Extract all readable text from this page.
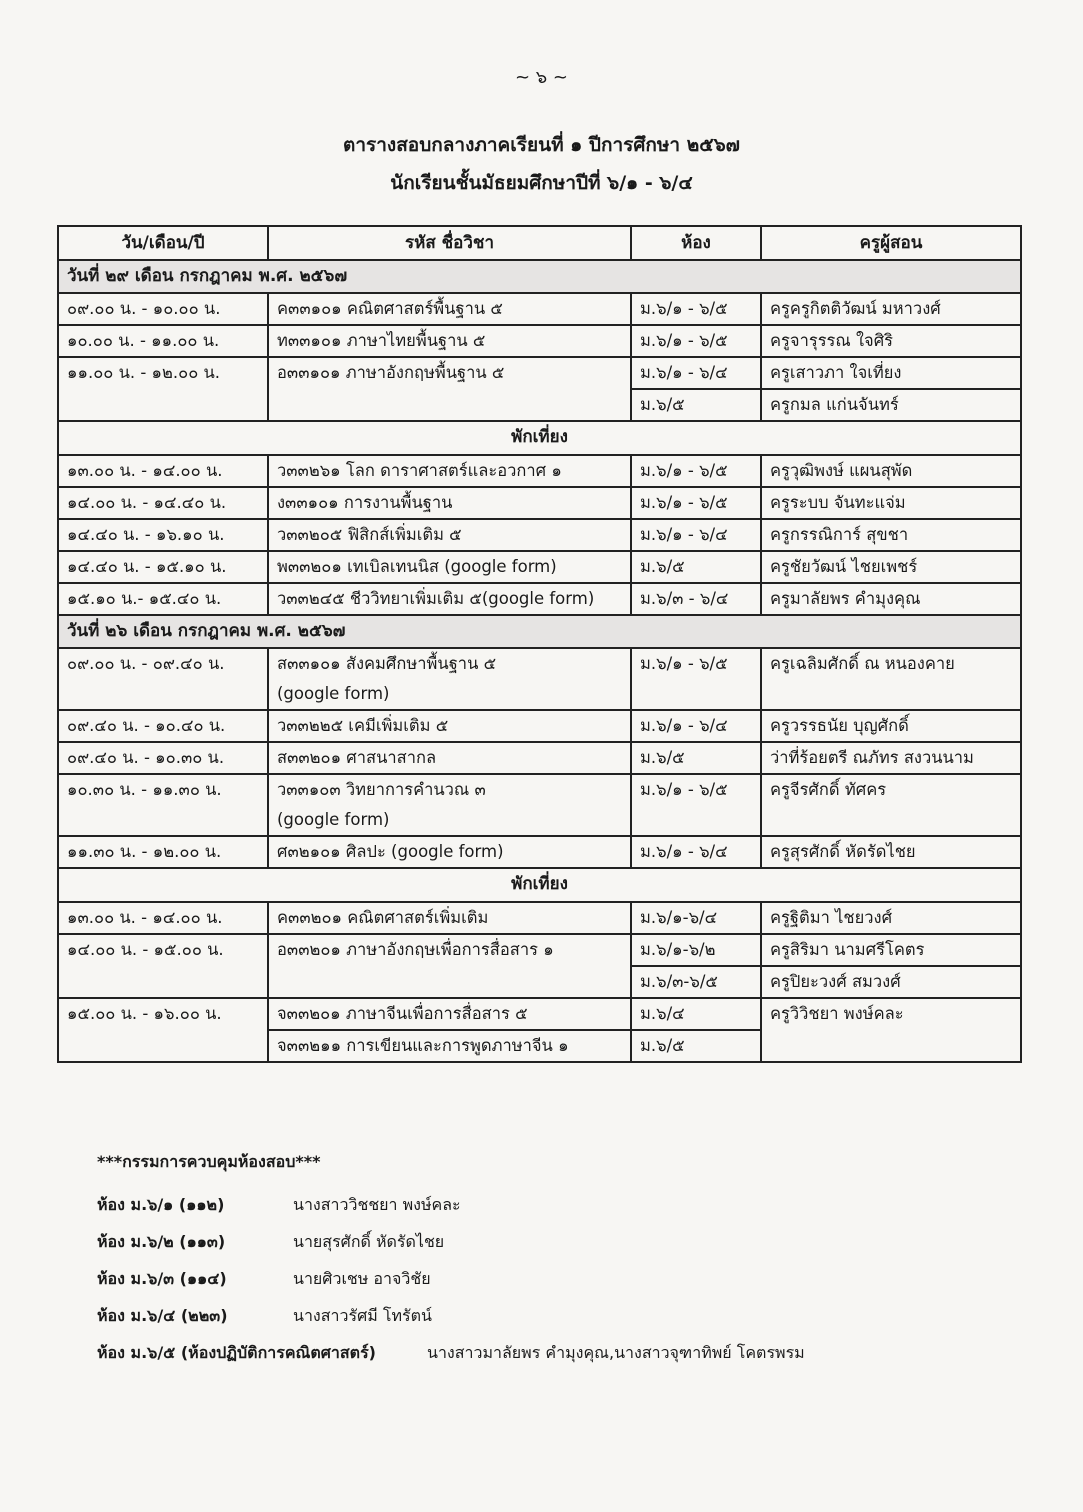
~ ๖ ~
ตารางสอบกลางภาคเรียนที่ ๑ ปีการศึกษา ๒๕๖๗
นักเรียนชั้นมัธยมศึกษาปีที่ ๖/๑ - ๖/๔
วัน/เดือน/ปี	รหัส ชื่อวิชา	ห้อง	ครูผู้สอน
วันที่ ๒๙ เดือน กรกฎาคม พ.ศ. ๒๕๖๗			
๐๙.๐๐ น. - ๑๐.๐๐ น.	ค๓๓๑๐๑ คณิตศาสตร์พื้นฐาน ๕	ม.๖/๑ - ๖/๕	ครูครูกิตติวัฒน์ มหาวงศ์
๑๐.๐๐ น. - ๑๑.๐๐ น.	ท๓๓๑๐๑ ภาษาไทยพื้นฐาน ๕	ม.๖/๑ - ๖/๕	ครูจารุรรณ ใจศิริ
๑๑.๐๐ น. - ๑๒.๐๐ น.	อ๓๓๑๐๑ ภาษาอังกฤษพื้นฐาน ๕	ม.๖/๑ - ๖/๔	ครูเสาวภา ใจเที่ยง
		ม.๖/๕	ครูกมล แก่นจันทร์
พักเที่ยง			
๑๓.๐๐ น. - ๑๔.๐๐ น.	ว๓๓๒๖๑ โลก ดาราศาสตร์และอวกาศ ๑	ม.๖/๑ - ๖/๕	ครูวุฒิพงษ์ แผนสุพัด
๑๔.๐๐ น. - ๑๔.๔๐ น.	ง๓๓๑๐๑ การงานพื้นฐาน	ม.๖/๑ - ๖/๕	ครูระบบ จันทะแจ่ม
๑๔.๔๐ น. - ๑๖.๑๐ น.	ว๓๓๒๐๕ ฟิสิกส์เพิ่มเติม ๕	ม.๖/๑ - ๖/๔	ครูกรรณิการ์ สุขชา
๑๔.๔๐ น. - ๑๕.๑๐ น.	พ๓๓๒๐๑ เทเบิลเทนนิส (google form)	ม.๖/๕	ครูชัยวัฒน์ ไชยเพชร์
๑๕.๑๐ น.- ๑๕.๔๐ น.	ว๓๓๒๔๕ ชีววิทยาเพิ่มเติม ๕(google form)	ม.๖/๓ - ๖/๔	ครูมาลัยพร คำมุงคุณ
วันที่ ๒๖ เดือน กรกฎาคม พ.ศ. ๒๕๖๗			
๐๙.๐๐ น. - ๐๙.๔๐ น.	ส๓๓๑๐๑ สังคมศึกษาพื้นฐาน ๕
(google form)	ม.๖/๑ - ๖/๕	ครูเฉลิมศักดิ์ ณ หนองคาย
๐๙.๔๐ น. - ๑๐.๔๐ น.	ว๓๓๒๒๕ เคมีเพิ่มเติม ๕	ม.๖/๑ - ๖/๔	ครูวรรธนัย บุญศักดิ์
๐๙.๔๐ น. - ๑๐.๓๐ น.	ส๓๓๒๐๑ ศาสนาสากล	ม.๖/๕	ว่าที่ร้อยตรี ณภัทร สงวนนาม
๑๐.๓๐ น. - ๑๑.๓๐ น.	ว๓๓๑๐๓ วิทยาการคำนวณ ๓
(google form)	ม.๖/๑ - ๖/๕	ครูจีรศักดิ์ ทัศคร
๑๑.๓๐ น. - ๑๒.๐๐ น.	ศ๓๒๑๐๑ ศิลปะ (google form)	ม.๖/๑ - ๖/๔	ครูสุรศักดิ์ หัดรัดไชย
พักเที่ยง			
๑๓.๐๐ น. - ๑๔.๐๐ น.	ค๓๓๒๐๑ คณิตศาสตร์เพิ่มเติม	ม.๖/๑-๖/๔	ครูฐิติมา ไชยวงศ์
๑๔.๐๐ น. - ๑๕.๐๐ น.	อ๓๓๒๐๑ ภาษาอังกฤษเพื่อการสื่อสาร ๑	ม.๖/๑-๖/๒	ครูสิริมา นามศรีโคตร
		ม.๖/๓-๖/๕	ครูปิยะวงศ์ สมวงศ์
๑๕.๐๐ น. - ๑๖.๐๐ น.	จ๓๓๒๐๑ ภาษาจีนเพื่อการสื่อสาร ๕	ม.๖/๔	ครูวิวิชยา พงษ์คละ
	จ๓๓๒๑๑ การเขียนและการพูดภาษาจีน ๑	ม.๖/๕	
***กรรมการควบคุมห้องสอบ***
ห้อง ม.๖/๑ (๑๑๒)	นางสาววิชชยา พงษ์คละ
ห้อง ม.๖/๒ (๑๑๓)	นายสุรศักดิ์ หัดรัดไชย
ห้อง ม.๖/๓ (๑๑๔)	นายศิวเชษ อาจวิชัย
ห้อง ม.๖/๔ (๒๒๓)	นางสาวรัศมี โทรัตน์
ห้อง ม.๖/๕ (ห้องปฏิบัติการคณิตศาสตร์)	นางสาวมาลัยพร คำมุงคุณ,นางสาวจุฑาทิพย์ โคตรพรม
